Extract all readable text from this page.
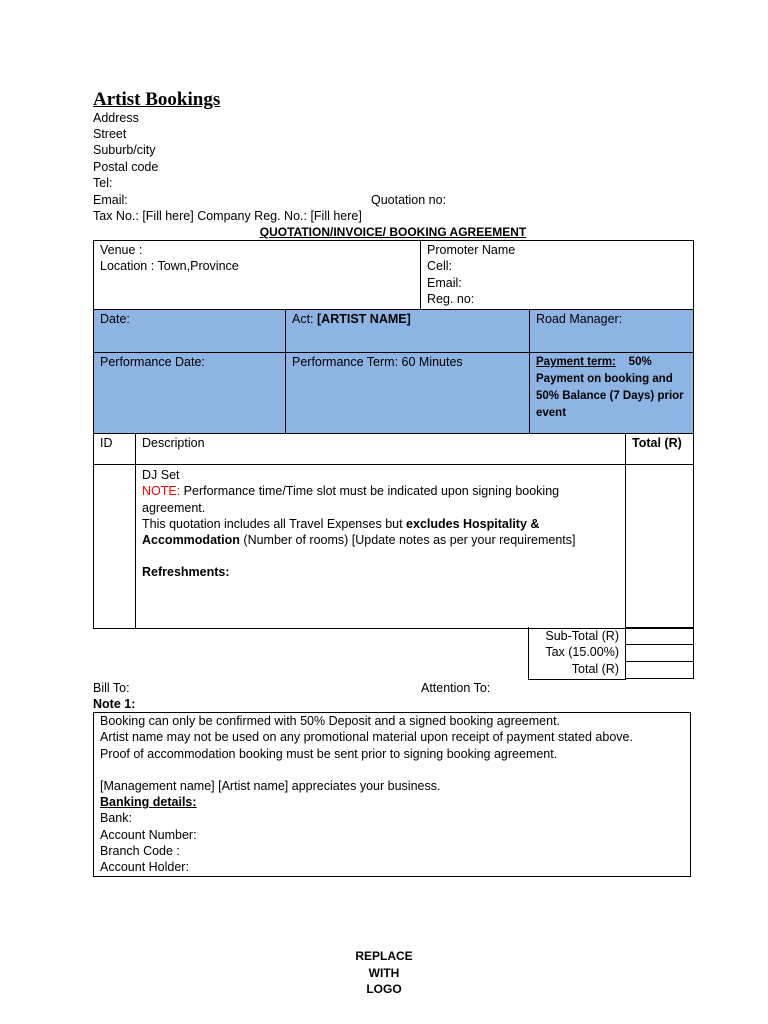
Artist Bookings
Address
Street
Suburb/city
Postal code
Tel:
Email:	Quotation no:
Tax No.: [Fill here] Company Reg. No.: [Fill here]
QUOTATION/INVOICE/ BOOKING AGREEMENT
Venue :
Location : Town,Province

Promoter Name
Cell:
Email:
Reg. no:
Date:	Act: [ARTIST NAME]	Road Manager:

Performance Date:	Performance Term: 60 Minutes	Payment term: 50% Payment on booking and 50% Balance (7 Days) prior event
ID	Description	Total (R)

	DJ Set
NOTE: Performance time/Time slot must be indicated upon signing booking agreement.
This quotation includes all Travel Expenses but excludes Hospitality & Accommodation (Number of rooms) [Update notes as per your requirements]
Refreshments:	

Sub-Total (R)
Tax (15.00%)
Total (R)

Bill To:	Attention To:
Note 1:
Booking can only be confirmed with 50% Deposit and a signed booking agreement.
Artist name may not be used on any promotional material upon receipt of payment stated above.
Proof of accommodation booking must be sent prior to signing booking agreement.
[Management name] [Artist name] appreciates your business.
Banking details:
Bank:
Account Number:
Branch Code :
Account Holder:
REPLACE
WITH
LOGO
